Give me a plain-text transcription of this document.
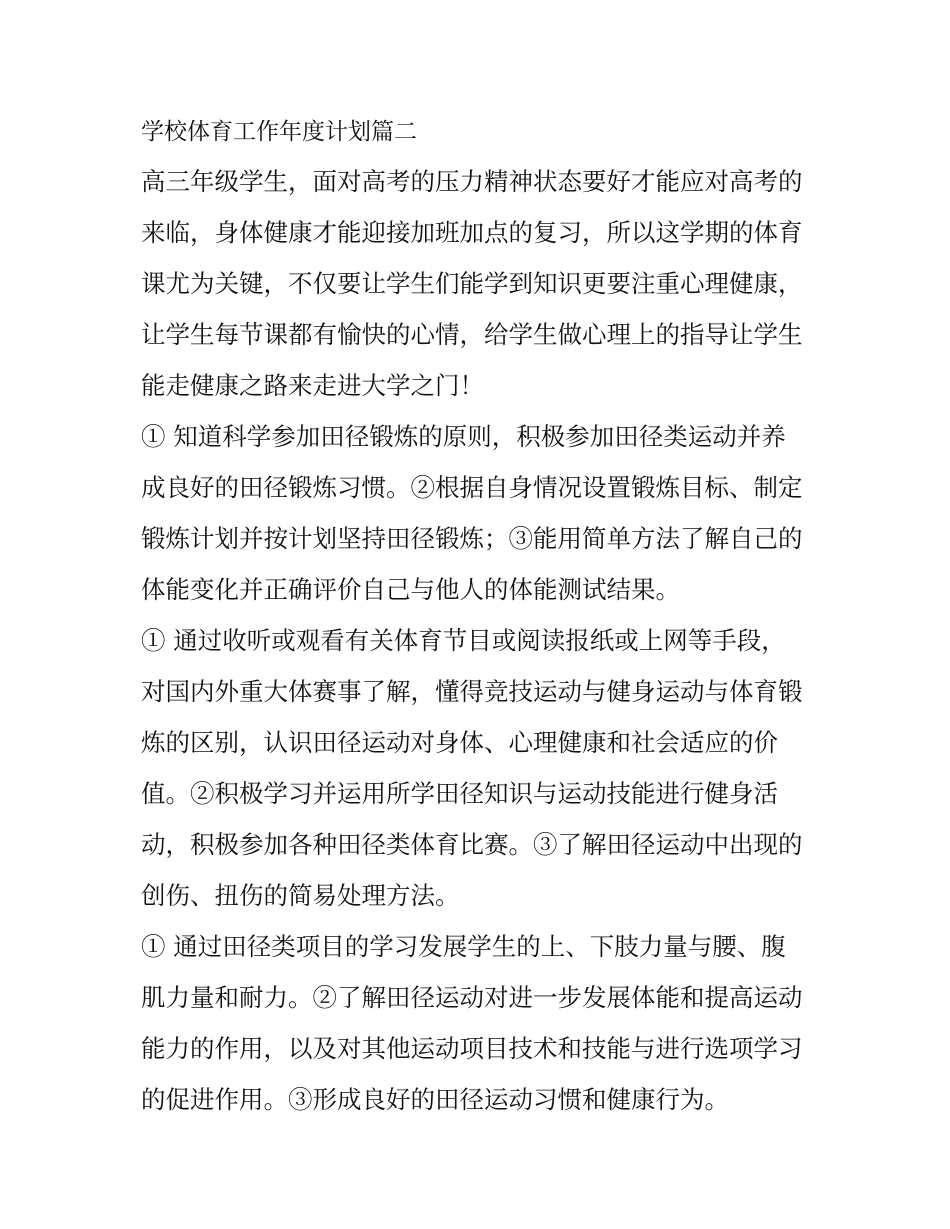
学校体育工作年度计划篇二

高三年级学生，面对高考的压力精神状态要好才能应对高考的
来临，身体健康才能迎接加班加点的复习，所以这学期的体育
课尤为关键，不仅要让学生们能学到知识更要注重心理健康，
让学生每节课都有愉快的心情，给学生做心理上的指导让学生
能走健康之路来走进大学之门！

① 知道科学参加田径锻炼的原则，积极参加田径类运动并养
成良好的田径锻炼习惯。②根据自身情况设置锻炼目标、制定
锻炼计划并按计划坚持田径锻炼；③能用简单方法了解自己的
体能变化并正确评价自己与他人的体能测试结果。

① 通过收听或观看有关体育节目或阅读报纸或上网等手段，
对国内外重大体赛事了解，懂得竞技运动与健身运动与体育锻
炼的区别，认识田径运动对身体、心理健康和社会适应的价
值。②积极学习并运用所学田径知识与运动技能进行健身活
动，积极参加各种田径类体育比赛。③了解田径运动中出现的
创伤、扭伤的简易处理方法。

① 通过田径类项目的学习发展学生的上、下肢力量与腰、腹
肌力量和耐力。②了解田径运动对进一步发展体能和提高运动
能力的作用，以及对其他运动项目技术和技能与进行选项学习
的促进作用。③形成良好的田径运动习惯和健康行为。
